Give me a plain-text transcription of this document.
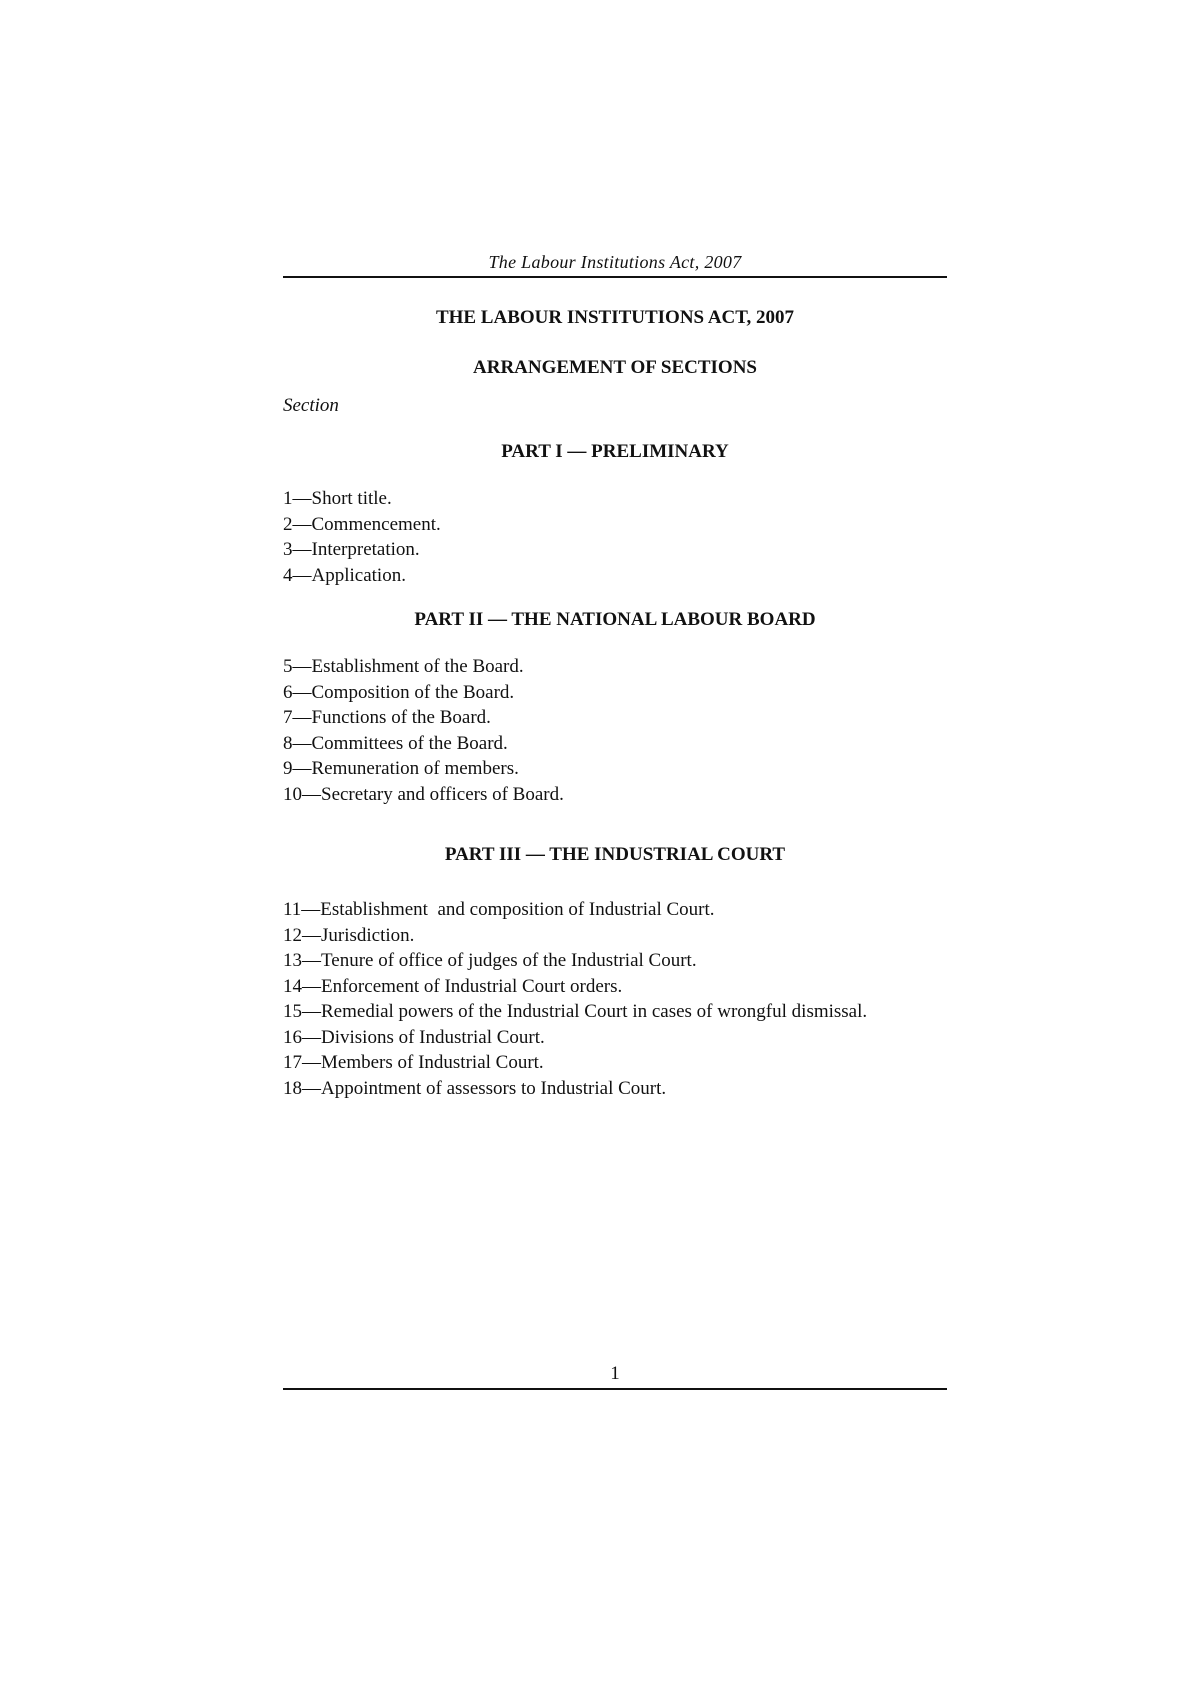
The Labour Institutions Act, 2007
THE LABOUR INSTITUTIONS ACT, 2007
ARRANGEMENT OF SECTIONS
Section
PART I — PRELIMINARY
1—Short title.
2—Commencement.
3—Interpretation.
4—Application.
PART II — THE NATIONAL LABOUR BOARD
5—Establishment of the Board.
6—Composition of the Board.
7—Functions of the Board.
8—Committees of the Board.
9—Remuneration of members.
10—Secretary and officers of Board.
PART III — THE INDUSTRIAL COURT
11—Establishment  and composition of Industrial Court.
12—Jurisdiction.
13—Tenure of office of judges of the Industrial Court.
14—Enforcement of Industrial Court orders.
15—Remedial powers of the Industrial Court in cases of wrongful dismissal.
16—Divisions of Industrial Court.
17—Members of Industrial Court.
18—Appointment of assessors to Industrial Court.
1
